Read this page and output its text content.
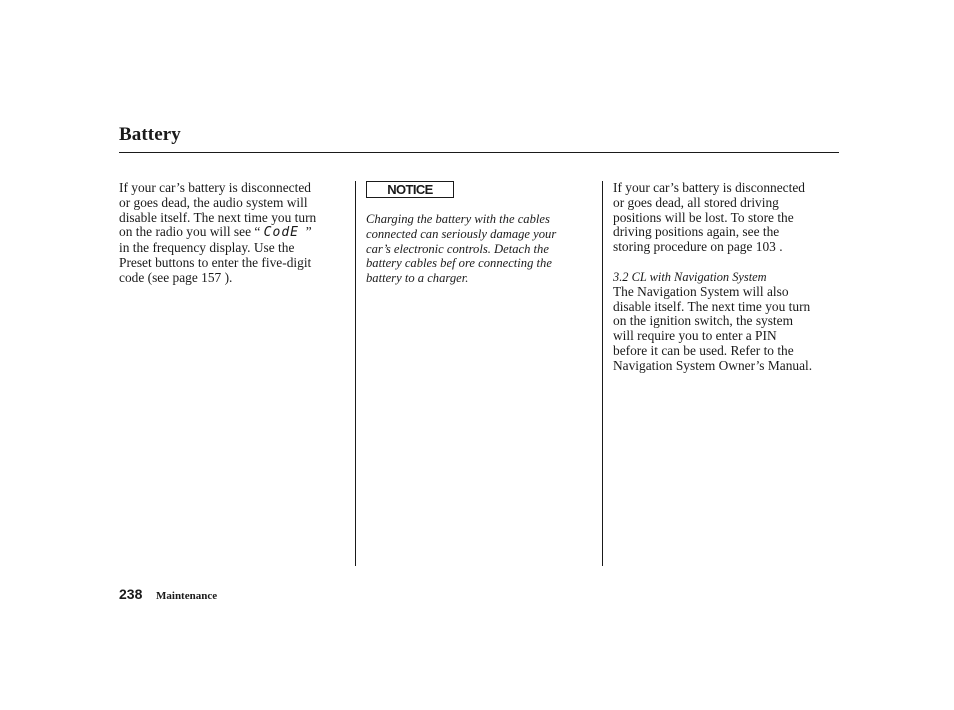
Battery
If your car’s battery is disconnected
or goes dead, the audio system will
disable itself. The next time you turn
on the radio you will see “ CodE ”
in the frequency display. Use the
Preset buttons to enter the five-digit
code (see page 157 ).
NOTICE
Charging the battery with the cables
connected can seriously damage your
car’s electronic controls. Detach the
battery cables bef ore connecting the
battery to a charger.
If your car’s battery is disconnected
or goes dead, all stored driving
positions will be lost. To store the
driving positions again, see the
storing procedure on page 103 .
3.2 CL with Navigation System
The Navigation System will also
disable itself. The next time you turn
on the ignition switch, the system
will require you to enter a PIN
before it can be used. Refer to the
Navigation System Owner’s Manual.
238 Maintenance
